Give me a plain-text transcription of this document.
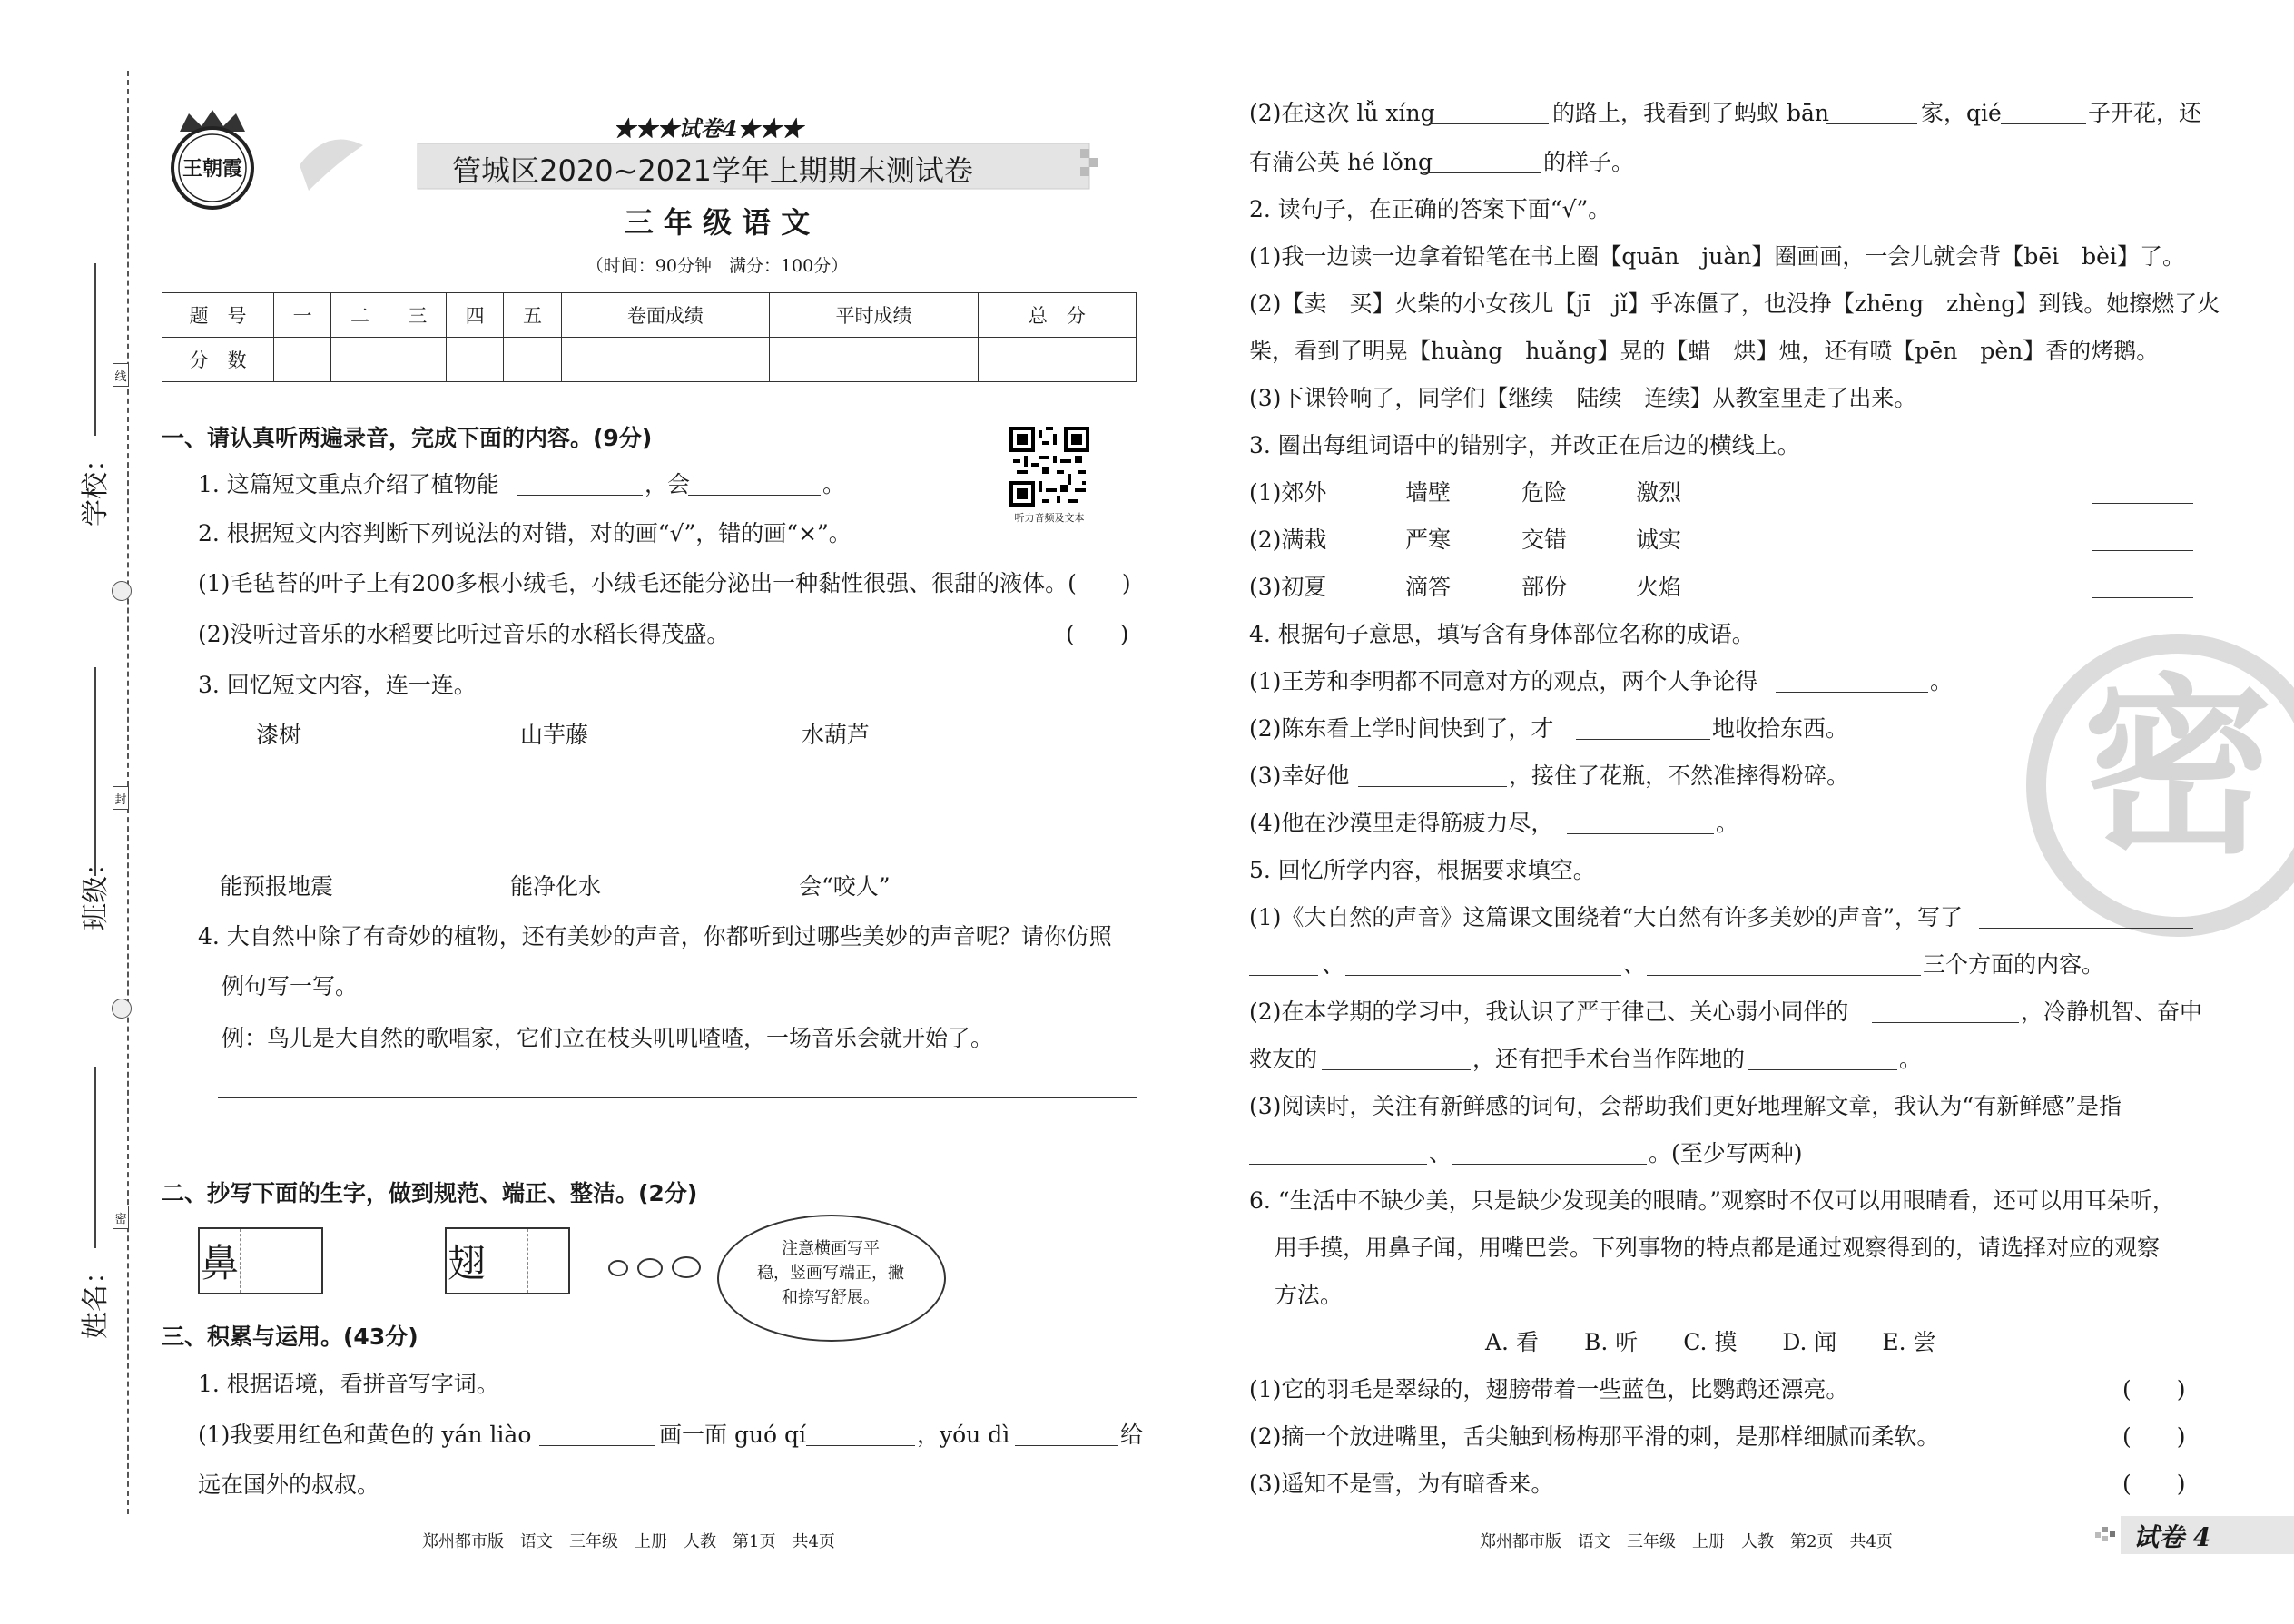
线
封
密
学校：
班级：
姓名：
王朝霞
★★★试卷4★★★
管城区2020~2021学年上期期末测试卷
三 年 级 语 文
（时间：90分钟　满分：100分）
题　号	一	二	三	四	五	卷面成绩	平时成绩	总　分
分　数								
听力音频及文本
一、请认真听两遍录音，完成下面的内容。(9分)
1. 这篇短文重点介绍了植物能	，会	。
2. 根据短文内容判断下列说法的对错，对的画“√”，错的画“×”。
(1)毛毡苔的叶子上有200多根小绒毛，小绒毛还能分泌出一种黏性很强、很甜的液体。(　　)
(2)没听过音乐的水稻要比听过音乐的水稻长得茂盛。	(　　)
3. 回忆短文内容，连一连。
漆树	山芋藤	水葫芦
能预报地震	能净化水	会“咬人”
4. 大自然中除了有奇妙的植物，还有美妙的声音，你都听到过哪些美妙的声音呢？请你仿照
例句写一写。
例：鸟儿是大自然的歌唱家，它们立在枝头叽叽喳喳，一场音乐会就开始了。
二、抄写下面的生字，做到规范、端正、整洁。(2分)
鼻	翅	注意横画写平
稳，竖画写端正，撇
和捺写舒展。
三、积累与运用。(43分)
1. 根据语境，看拼音写字词。
(1)我要用红色和黄色的 yán liào	画一面 guó qí	，yóu dì	给
远在国外的叔叔。
郑州都市版　语文　三年级　上册　人教　第1页　共4页
密
(2)在这次 lǚ xíng	的路上，我看到了蚂蚁 bān	家，qié	子开花，还
有蒲公英 hé lǒng	的样子。
2. 读句子，在正确的答案下面“√”。
(1)我一边读一边拿着铅笔在书上圈【quān　juàn】圈画画，一会儿就会背【bēi　bèi】了。
(2)【卖　买】火柴的小女孩儿【jī　jǐ】乎冻僵了，也没挣【zhēng　zhèng】到钱。她擦燃了火
柴，看到了明晃【huàng　huǎng】晃的【蜡　烘】烛，还有喷【pēn　pèn】香的烤鹅。
(3)下课铃响了，同学们【继续　陆续　连续】从教室里走了出来。
3. 圈出每组词语中的错别字，并改正在后边的横线上。
(1)郊外	墙壁	危险	激烈
(2)满栽	严寒	交错	诚实
(3)初夏	滴答	部份	火焰
4. 根据句子意思，填写含有身体部位名称的成语。
(1)王芳和李明都不同意对方的观点，两个人争论得	。
(2)陈东看上学时间快到了，才	地收拾东西。
(3)幸好他	，接住了花瓶，不然准摔得粉碎。
(4)他在沙漠里走得筋疲力尽，	。
5. 回忆所学内容，根据要求填空。
(1)《大自然的声音》这篇课文围绕着“大自然有许多美妙的声音”，写了
、	、	三个方面的内容。
(2)在本学期的学习中，我认识了严于律己、关心弱小同伴的	，冷静机智、奋中
救友的	，还有把手术台当作阵地的	。
(3)阅读时，关注有新鲜感的词句，会帮助我们更好地理解文章，我认为“有新鲜感”是指
、	。(至少写两种)
6. “生活中不缺少美，只是缺少发现美的眼睛。”观察时不仅可以用眼睛看，还可以用耳朵听，
用手摸，用鼻子闻，用嘴巴尝。下列事物的特点都是通过观察得到的，请选择对应的观察
方法。
A. 看　　B. 听　　C. 摸　　D. 闻　　E. 尝
(1)它的羽毛是翠绿的，翅膀带着一些蓝色，比鹦鹉还漂亮。	(　　)
(2)摘一个放进嘴里，舌尖触到杨梅那平滑的刺，是那样细腻而柔软。	(　　)
(3)遥知不是雪，为有暗香来。	(　　)
郑州都市版　语文　三年级　上册　人教　第2页　共4页	试卷 4
